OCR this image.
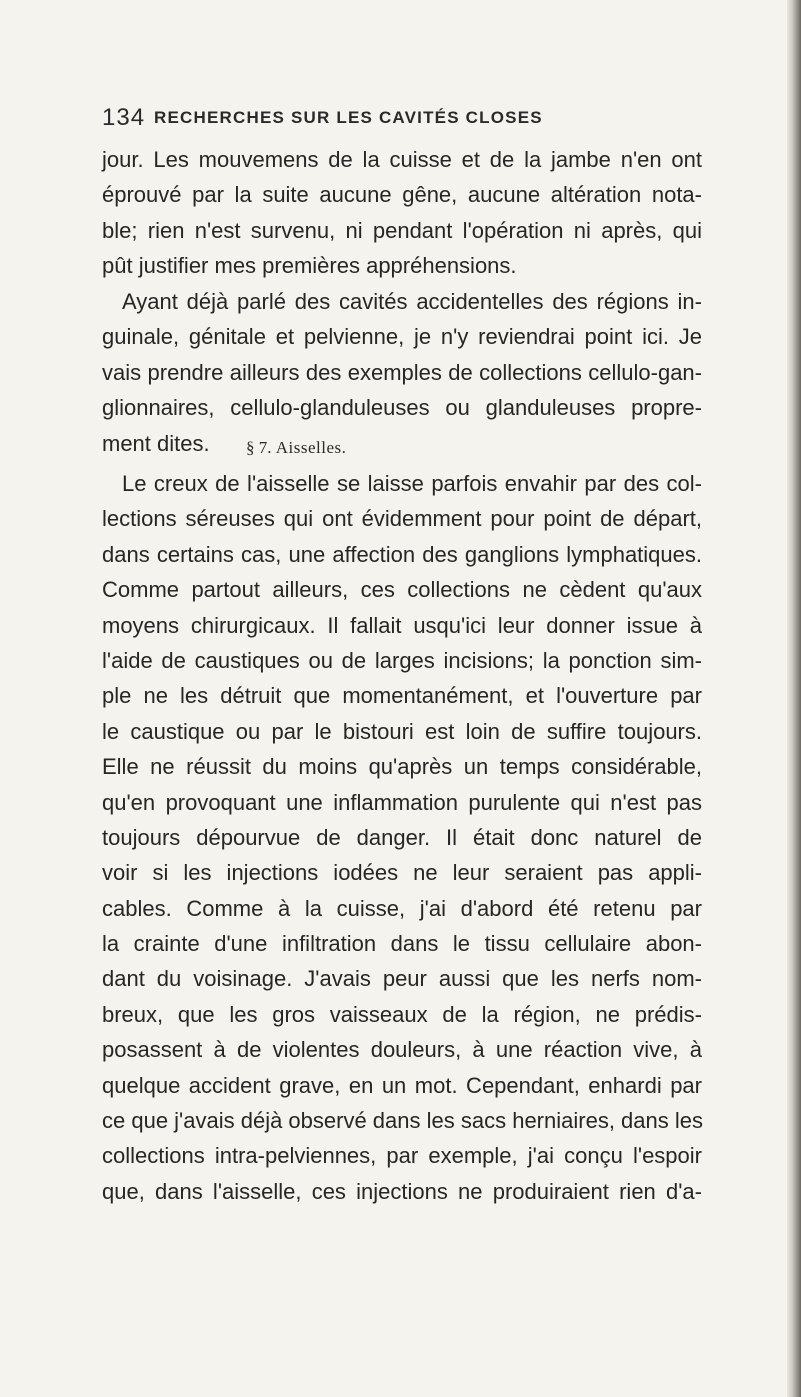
134 RECHERCHES SUR LES CAVITÉS CLOSES
jour. Les mouvemens de la cuisse et de la jambe n'en ont
éprouvé par la suite aucune gêne, aucune altération nota-
ble; rien n'est survenu, ni pendant l'opération ni après, qui
pût justifier mes premières appréhensions.
Ayant déjà parlé des cavités accidentelles des régions in-
guinale, génitale et pelvienne, je n'y reviendrai point ici. Je
vais prendre ailleurs des exemples de collections cellulo-gan-
glionnaires, cellulo-glanduleuses ou glanduleuses propre-
ment dites.	§ 7. Aisselles.
Le creux de l'aisselle se laisse parfois envahir par des col-
lections séreuses qui ont évidemment pour point de départ,
dans certains cas, une affection des ganglions lymphatiques.
Comme partout ailleurs, ces collections ne cèdent qu'aux
moyens chirurgicaux. Il fallait usqu'ici leur donner issue à
l'aide de caustiques ou de larges incisions; la ponction sim-
ple ne les détruit que momentanément, et l'ouverture par
le caustique ou par le bistouri est loin de suffire toujours.
Elle ne réussit du moins qu'après un temps considérable,
qu'en provoquant une inflammation purulente qui n'est pas
toujours dépourvue de danger. Il était donc naturel de
voir si les injections iodées ne leur seraient pas appli-
cables. Comme à la cuisse, j'ai d'abord été retenu par
la crainte d'une infiltration dans le tissu cellulaire abon-
dant du voisinage. J'avais peur aussi que les nerfs nom-
breux, que les gros vaisseaux de la région, ne prédis-
posassent à de violentes douleurs, à une réaction vive, à
quelque accident grave, en un mot. Cependant, enhardi par
ce que j'avais déjà observé dans les sacs herniaires, dans les
collections intra-pelviennes, par exemple, j'ai conçu l'espoir
que, dans l'aisselle, ces injections ne produiraient rien d'a-
